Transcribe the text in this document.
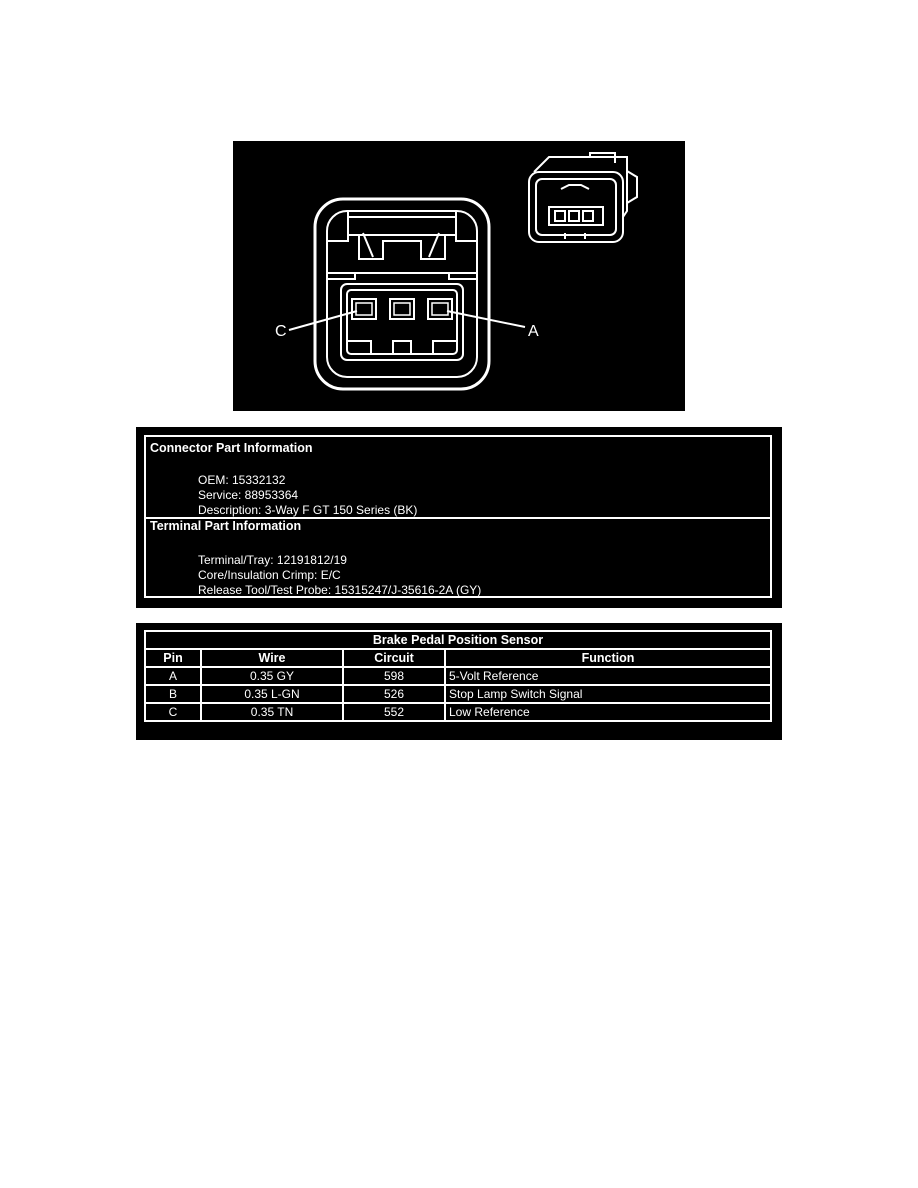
C	A
Connector Part Information
OEM: 15332132
Service: 88953364
Description: 3-Way F GT 150 Series (BK)
Terminal Part Information
Terminal/Tray: 12191812/19
Core/Insulation Crimp: E/C
Release Tool/Test Probe: 15315247/J-35616-2A (GY)
Brake Pedal Position Sensor			
Pin	Wire	Circuit	Function
A	0.35 GY	598	5-Volt Reference
B	0.35 L-GN	526	Stop Lamp Switch Signal
C	0.35 TN	552	Low Reference
